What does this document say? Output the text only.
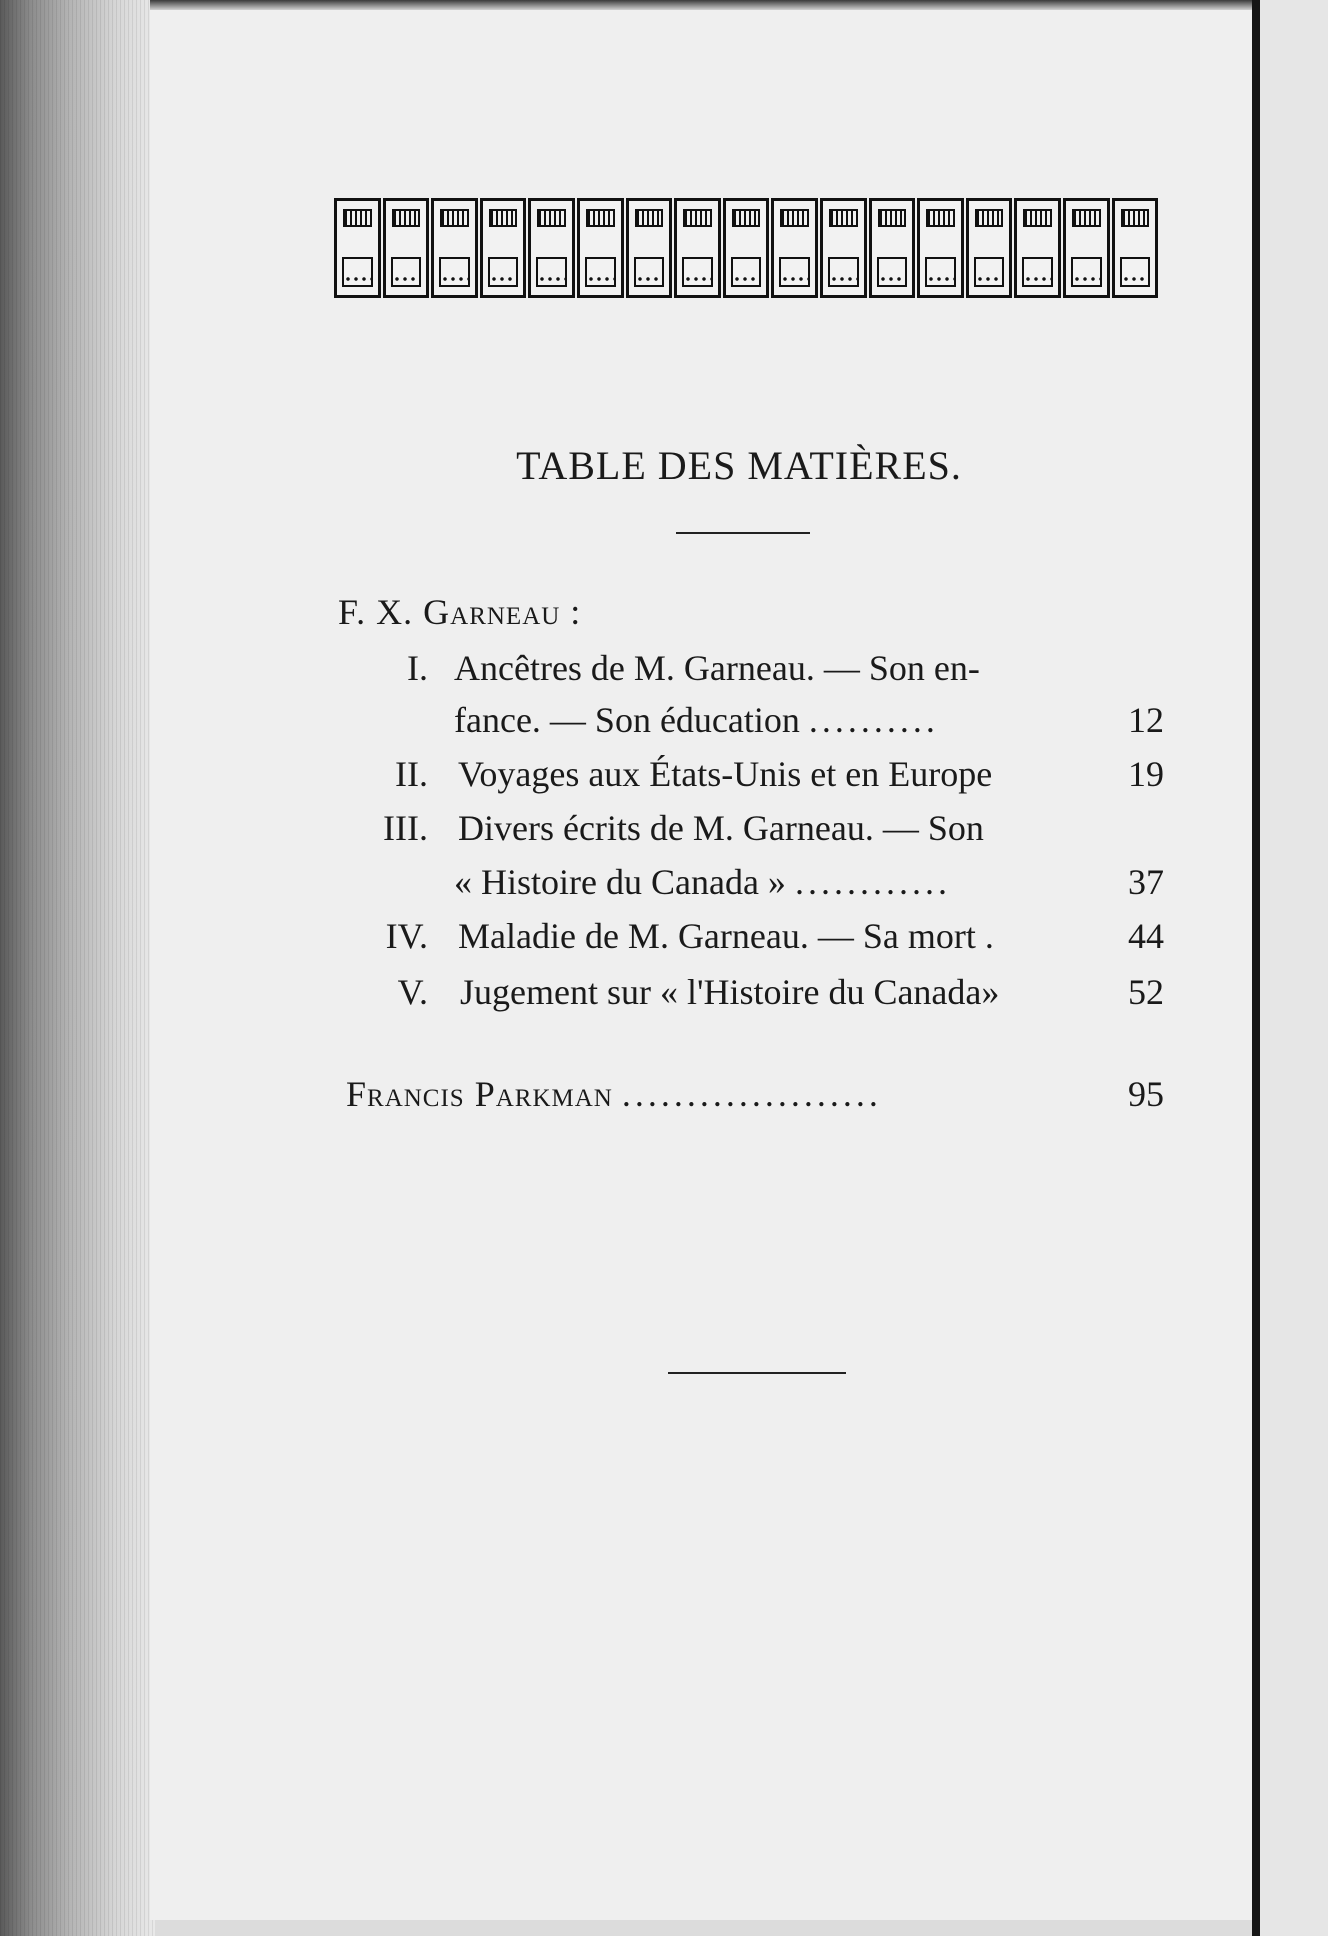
TABLE DES MATIÈRES.
F. X. Garneau :
I. Ancêtres de M. Garneau. — Son en-
fance. — Son éducation ..........	12
II. Voyages aux États-Unis et en Europe	19
III. Divers écrits de M. Garneau. — Son
« Histoire du Canada » ............	37
IV. Maladie de M. Garneau. — Sa mort .	44
V. Jugement sur « l'Histoire du Canada»	52
Francis Parkman ....................	95
